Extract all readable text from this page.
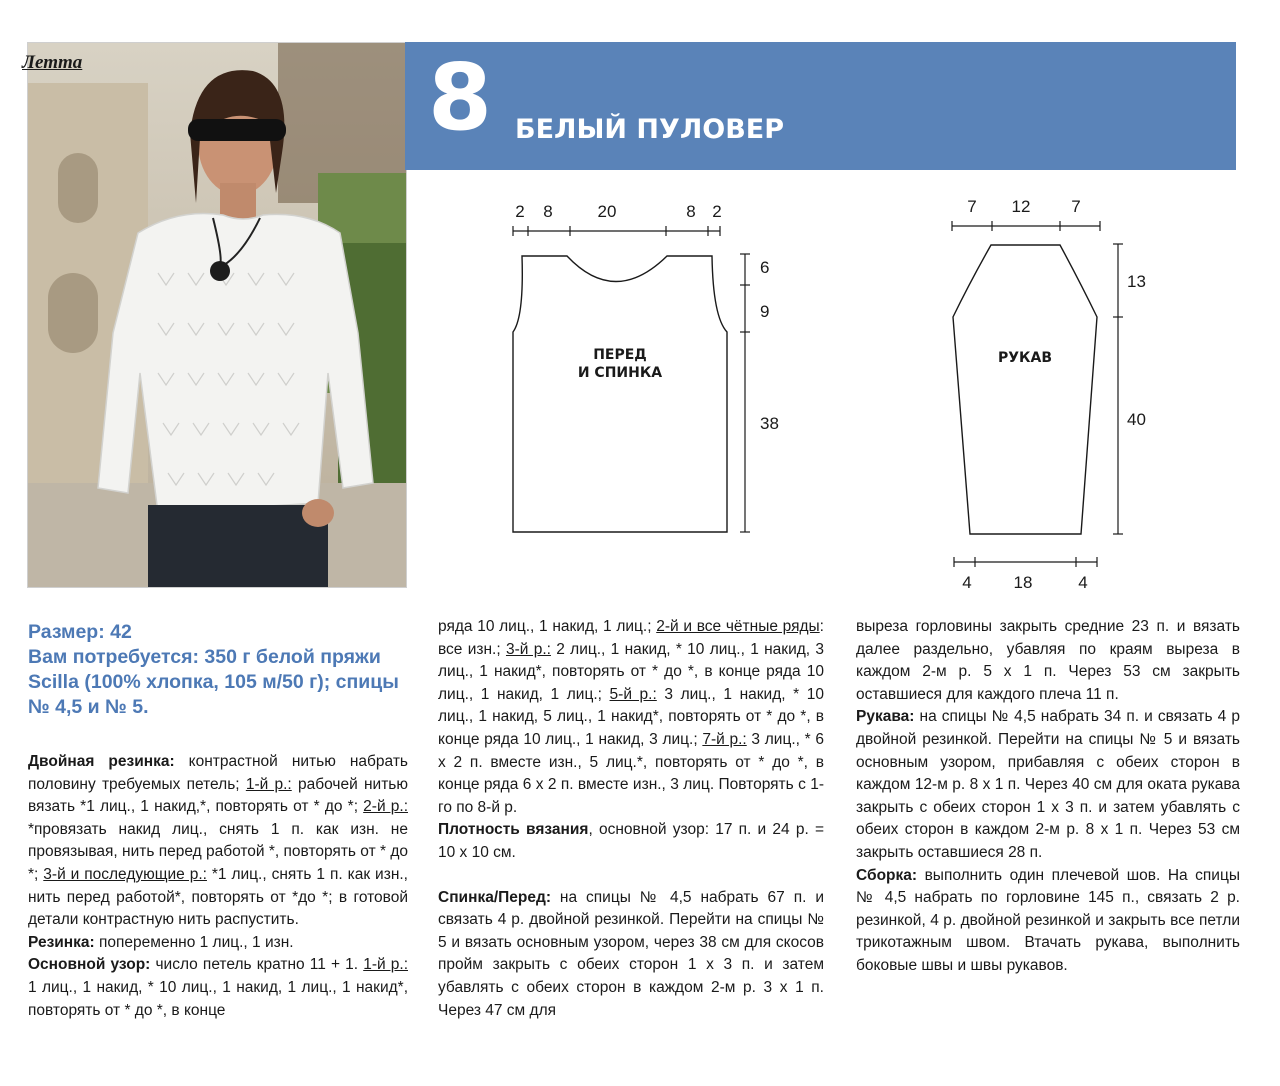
Летта	8 БЕЛЫЙ ПУЛОВЕР
2 8	20	8 2
6
9
38
ПЕРЕД
И СПИНКА
7 12 7
13
40
4 18	4
РУКАВ
Размер: 42
Вам потребуется: 350 г белой пряжи Scilla (100% хлопка, 105 м/50 г); спицы № 4,5 и № 5.

Двойная резинка: контрастной нитью набрать половину требуемых петель; 1-й р.: рабочей нитью вязать *1 лиц., 1 накид,*, повторять от * до *; 2-й р.: *провязать накид лиц., снять 1 п. как изн. не провязывая, нить перед работой *, повторять от * до *; 3-й и последующие р.: *1 лиц., снять 1 п. как изн., нить перед работой*, повторять от *до *; в готовой детали контрастную нить распустить.

Резинка: попеременно 1 лиц., 1 изн.

Основной узор: число петель кратно 11 + 1. 1-й р.: 1 лиц., 1 накид, * 10 лиц., 1 накид, 1 лиц., 1 накид*, повторять от * до *, в конце

ряда 10 лиц., 1 накид, 1 лиц.; 2-й и все чётные ряды: все изн.; 3-й р.: 2 лиц., 1 накид, * 10 лиц., 1 накид, 3 лиц., 1 накид*, повторять от * до *, в конце ряда 10 лиц., 1 накид, 1 лиц.; 5-й р.: 3 лиц., 1 накид, * 10 лиц., 1 накид, 5 лиц., 1 накид*, повторять от * до *, в конце ряда 10 лиц., 1 накид, 3 лиц.; 7-й р.: 3 лиц., * 6 х 2 п. вместе изн., 5 лиц.*, повторять от * до *, в конце ряда 6 х 2 п. вместе изн., 3 лиц. Повторять с 1-го по 8-й р.

Плотность вязания, основной узор: 17 п. и 24 р. = 10 х 10 см.

Спинка/Перед: на спицы № 4,5 набрать 67 п. и связать 4 р. двойной резинкой. Перейти на спицы № 5 и вязать основным узором, через 38 см для скосов пройм закрыть с обеих сторон 1 х 3 п. и затем убавлять с обеих сторон в каждом 2-м р. 3 х 1 п. Через 47 см для

выреза горловины закрыть средние 23 п. и вязать далее раздельно, убавляя по краям выреза в каждом 2-м р. 5 х 1 п. Через 53 см закрыть оставшиеся для каждого плеча 11 п.

Рукава: на спицы № 4,5 набрать 34 п. и связать 4 р двойной резинкой. Перейти на спицы № 5 и вязать основным узором, прибавляя с обеих сторон в каждом 12-м р. 8 х 1 п. Через 40 см для оката рукава закрыть с обеих сторон 1 х 3 п. и затем убавлять с обеих сторон в каждом 2-м р. 8 х 1 п. Через 53 см закрыть оставшиеся 28 п.

Сборка: выполнить один плечевой шов. На спицы № 4,5 набрать по горловине 145 п., связать 2 р. резинкой, 4 р. двойной резинкой и закрыть все петли трикотажным швом. Втачать рукава, выполнить боковые швы и швы рукавов.
